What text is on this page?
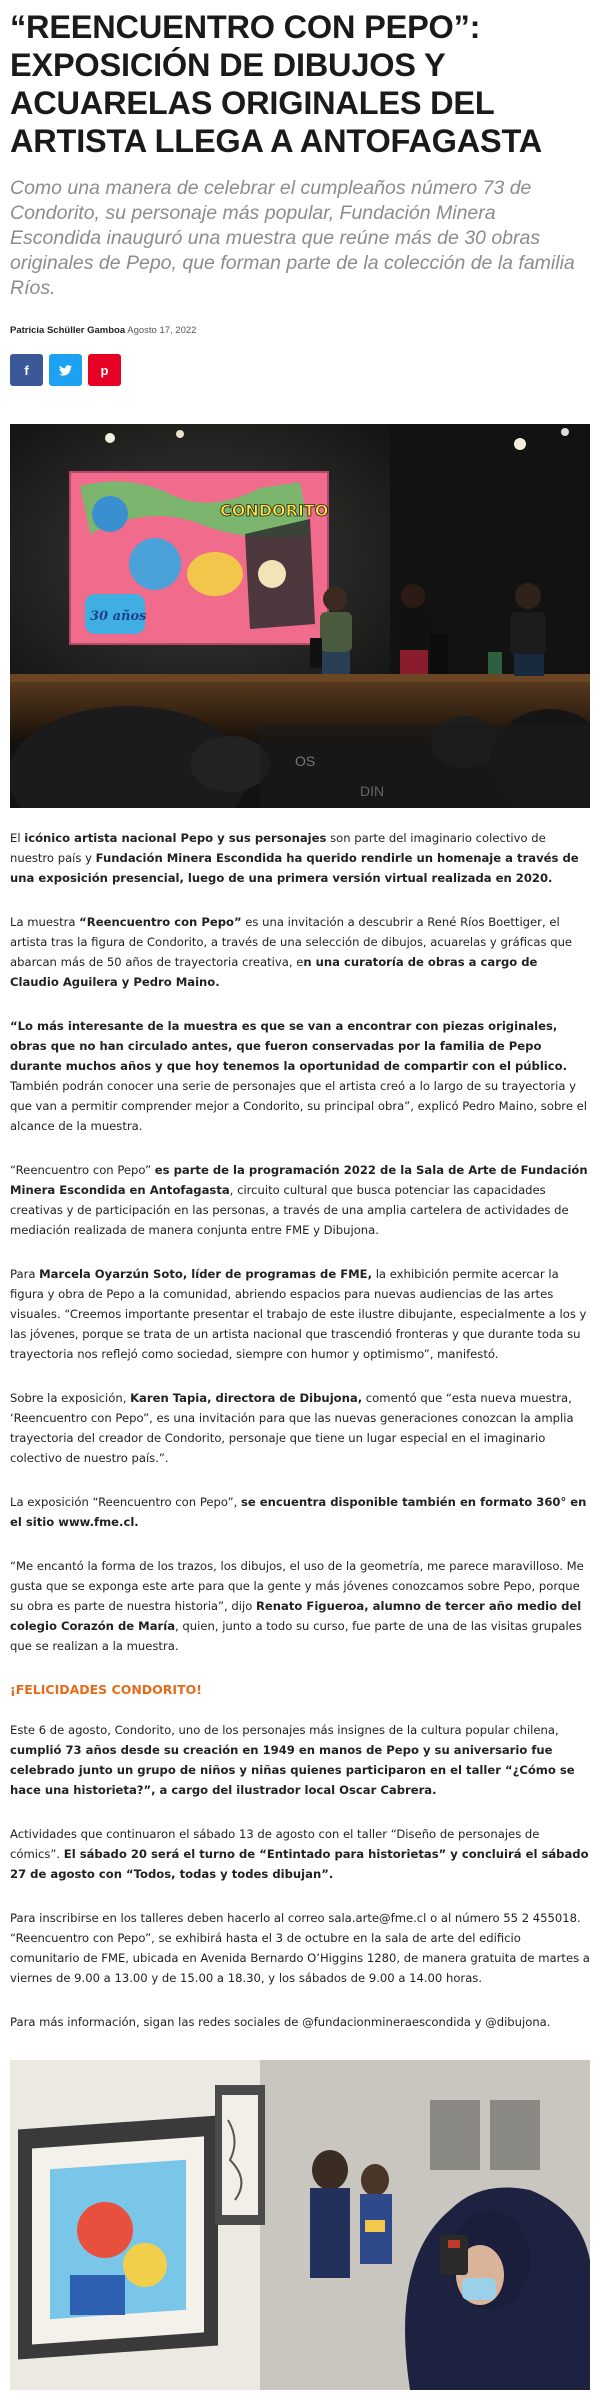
“REENCUENTRO CON PEPO”: EXPOSICIÓN DE DIBUJOS Y ACUARELAS ORIGINALES DEL ARTISTA LLEGA A ANTOFAGASTA

Como una manera de celebrar el cumpleaños número 73 de Condorito, su personaje más popular, Fundación Minera Escondida inauguró una muestra que reúne más de 30 obras originales de Pepo, que forman parte de la colección de la familia Ríos.

Patricia Schüller Gamboa Agosto 17, 2022
f	p
CONDORITO
30 años
OS
DIN

El icónico artista nacional Pepo y sus personajes son parte del imaginario colectivo de nuestro país y Fundación Minera Escondida ha querido rendirle un homenaje a través de una exposición presencial, luego de una primera versión virtual realizada en 2020.

La muestra “Reencuentro con Pepo” es una invitación a descubrir a René Ríos Boettiger, el artista tras la figura de Condorito, a través de una selección de dibujos, acuarelas y gráficas que abarcan más de 50 años de trayectoria creativa, en una curatoría de obras a cargo de Claudio Aguilera y Pedro Maino.

“Lo más interesante de la muestra es que se van a encontrar con piezas originales, obras que no han circulado antes, que fueron conservadas por la familia de Pepo durante muchos años y que hoy tenemos la oportunidad de compartir con el público. También podrán conocer una serie de personajes que el artista creó a lo largo de su trayectoria y que van a permitir comprender mejor a Condorito, su principal obra”, explicó Pedro Maino, sobre el alcance de la muestra.

“Reencuentro con Pepo” es parte de la programación 2022 de la Sala de Arte de Fundación Minera Escondida en Antofagasta, circuito cultural que busca potenciar las capacidades creativas y de participación en las personas, a través de una amplia cartelera de actividades de mediación realizada de manera conjunta entre FME y Dibujona.

Para Marcela Oyarzún Soto, líder de programas de FME, la exhibición permite acercar la figura y obra de Pepo a la comunidad, abriendo espacios para nuevas audiencias de las artes visuales. “Creemos importante presentar el trabajo de este ilustre dibujante, especialmente a los y las jóvenes, porque se trata de un artista nacional que trascendió fronteras y que durante toda su trayectoria nos reflejó como sociedad, siempre con humor y optimismo”, manifestó.

Sobre la exposición, Karen Tapia, directora de Dibujona, comentó que “esta nueva muestra, ‘Reencuentro con Pepo”, es una invitación para que las nuevas generaciones conozcan la amplia trayectoria del creador de Condorito, personaje que tiene un lugar especial en el imaginario colectivo de nuestro país.”.

La exposición “Reencuentro con Pepo”, se encuentra disponible también en formato 360° en el sitio www.fme.cl.

“Me encantó la forma de los trazos, los dibujos, el uso de la geometría, me parece maravilloso. Me gusta que se exponga este arte para que la gente y más jóvenes conozcamos sobre Pepo, porque su obra es parte de nuestra historia”, dijo Renato Figueroa, alumno de tercer año medio del colegio Corazón de María, quien, junto a todo su curso, fue parte de una de las visitas grupales que se realizan a la muestra.

¡FELICIDADES CONDORITO!

Este 6 de agosto, Condorito, uno de los personajes más insignes de la cultura popular chilena, cumplió 73 años desde su creación en 1949 en manos de Pepo y su aniversario fue celebrado junto un grupo de niños y niñas quienes participaron en el taller “¿Cómo se hace una historieta?”, a cargo del ilustrador local Oscar Cabrera.

Actividades que continuaron el sábado 13 de agosto con el taller “Diseño de personajes de cómics”. El sábado 20 será el turno de “Entintado para historietas” y concluirá el sábado 27 de agosto con “Todos, todas y todes dibujan”.

Para inscribirse en los talleres deben hacerlo al correo sala.arte@fme.cl o al número 55 2 455018. “Reencuentro con Pepo”, se exhibirá hasta el 3 de octubre en la sala de arte del edificio comunitario de FME, ubicada en Avenida Bernardo O’Higgins 1280, de manera gratuita de martes a viernes de 9.00 a 13.00 y de 15.00 a 18.30, y los sábados de 9.00 a 14.00 horas.

Para más información, sigan las redes sociales de @fundacionmineraescondida y @dibujona.
